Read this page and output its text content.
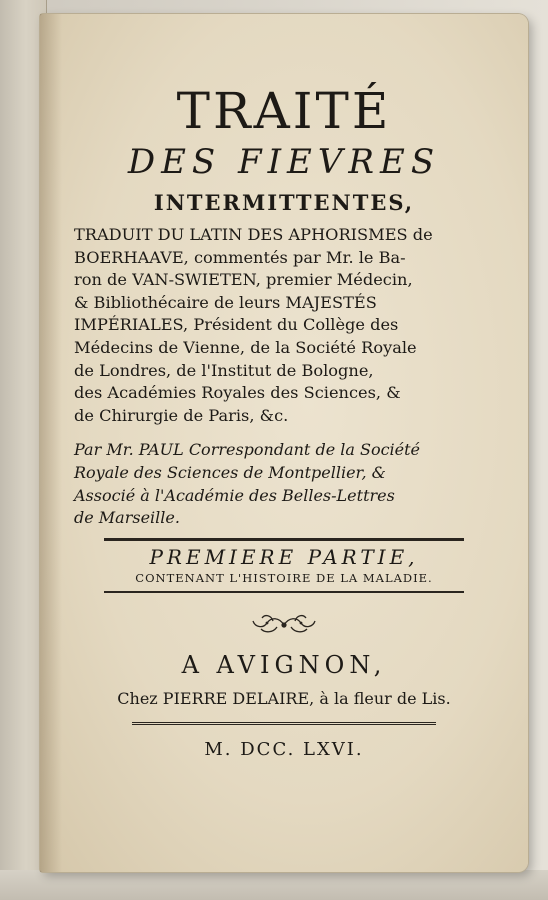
TRAITÉ
DES FIEVRES
INTERMITTENTES,
TRADUIT DU LATIN DES APHORISMES de
BOERHAAVE, commentés par Mr. le Ba-
ron de VAN-SWIETEN, premier Médecin,
& Bibliothécaire de leurs MAJESTÉS
IMPÉRIALES, Président du Collège des
Médecins de Vienne, de la Société Royale
de Londres, de l'Institut de Bologne,
des Académies Royales des Sciences, &
de Chirurgie de Paris, &c.
Par Mr. PAUL Correspondant de la Société
Royale des Sciences de Montpellier, &
Associé à l'Académie des Belles-Lettres
de Marseille.
PREMIERE PARTIE,
CONTENANT L'HISTOIRE DE LA MALADIE.
A AVIGNON,
Chez PIERRE DELAIRE, à la fleur de Lis.
M. DCC. LXVI.
